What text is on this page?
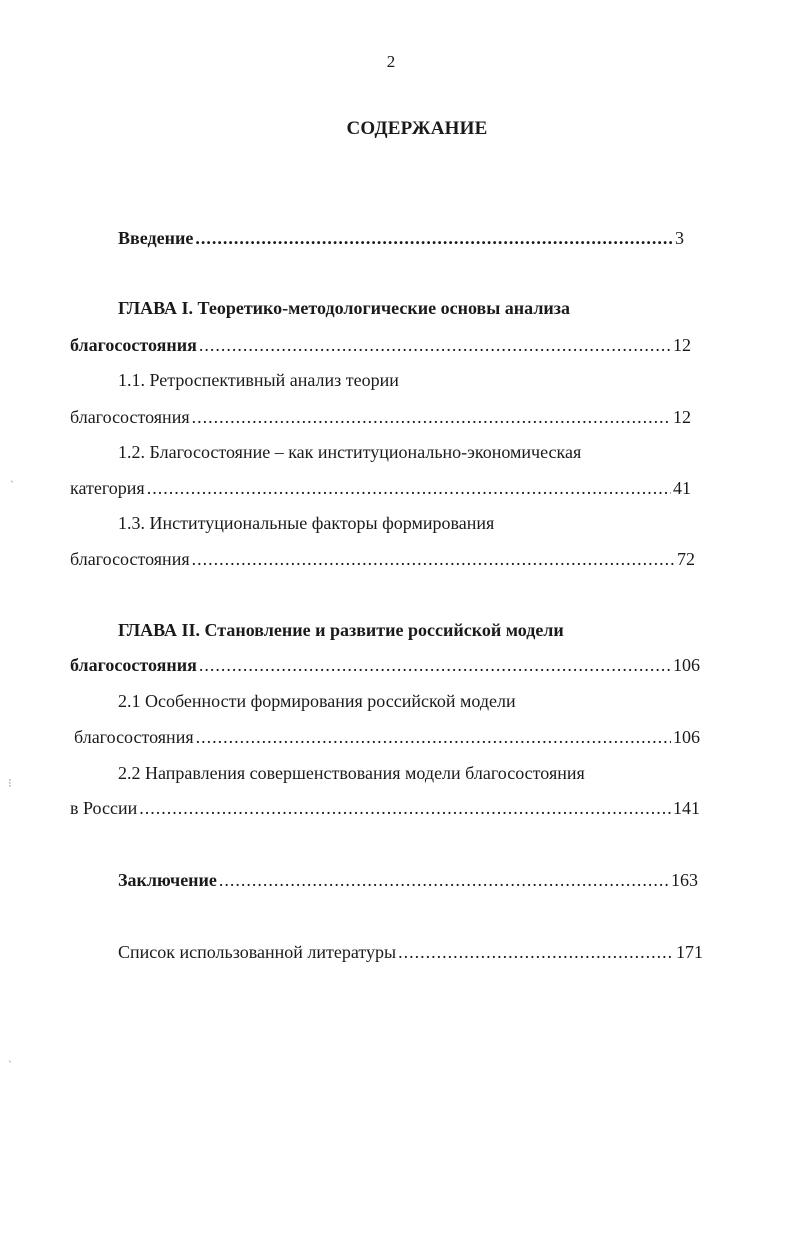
2
СОДЕРЖАНИЕ
Введение .....	3
ГЛАВА I. Теоретико-методологические основы анализа
благосостояния .....	12
1.1. Ретроспективный анализ теории
благосостояния .....	12
1.2. Благосостояние – как институционально-экономическая
категория .....	41
1.3. Институциональные факторы формирования
благосостояния .....	72
ГЛАВА II. Становление и развитие российской модели
благосостояния .....	106
2.1 Особенности формирования российской модели
благосостояния .....	106
2.2 Направления совершенствования модели благосостояния
в России .....	141
Заключение .....	163
Список использованной литературы .....	171
ˋ
⁝
ˋ
